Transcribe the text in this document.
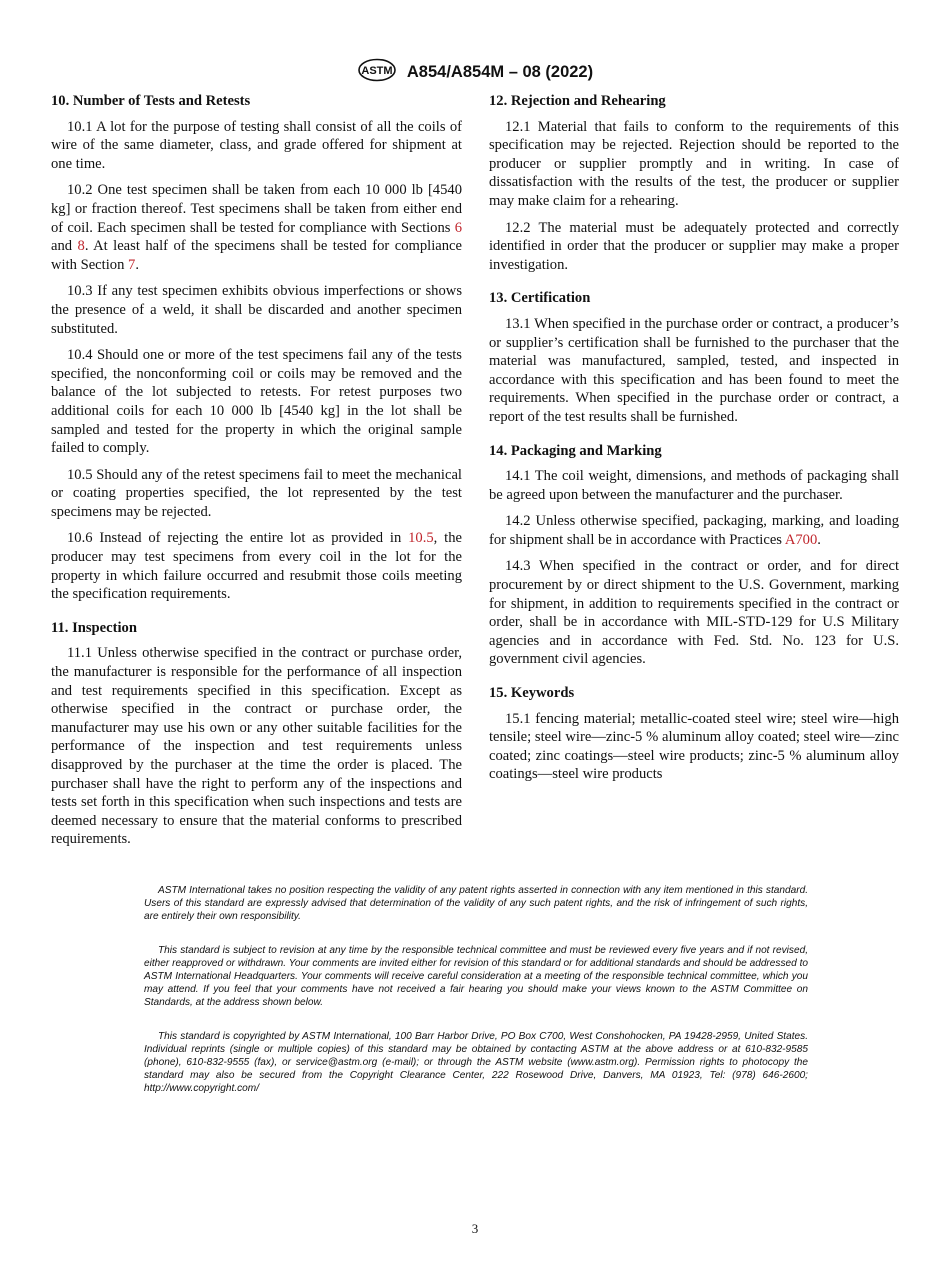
ASTM A854/A854M – 08 (2022)
10. Number of Tests and Retests

10.1 A lot for the purpose of testing shall consist of all the coils of wire of the same diameter, class, and grade offered for shipment at one time.

10.2 One test specimen shall be taken from each 10 000 lb [4540 kg] or fraction thereof. Test specimens shall be taken from either end of coil. Each specimen shall be tested for compliance with Sections 6 and 8. At least half of the specimens shall be tested for compliance with Section 7.

10.3 If any test specimen exhibits obvious imperfections or shows the presence of a weld, it shall be discarded and another specimen substituted.

10.4 Should one or more of the test specimens fail any of the tests specified, the nonconforming coil or coils may be removed and the balance of the lot subjected to retests. For retest purposes two additional coils for each 10 000 lb [4540 kg] in the lot shall be sampled and tested for the property in which the original sample failed to comply.

10.5 Should any of the retest specimens fail to meet the mechanical or coating properties specified, the lot represented by the test specimens may be rejected.

10.6 Instead of rejecting the entire lot as provided in 10.5, the producer may test specimens from every coil in the lot for the property in which failure occurred and resubmit those coils meeting the specification requirements.

11. Inspection

11.1 Unless otherwise specified in the contract or purchase order, the manufacturer is responsible for the performance of all inspection and test requirements specified in this specification. Except as otherwise specified in the contract or purchase order, the manufacturer may use his own or any other suitable facilities for the performance of the inspection and test requirements unless disapproved by the purchaser at the time the order is placed. The purchaser shall have the right to perform any of the inspections and tests set forth in this specification when such inspections and tests are deemed necessary to ensure that the material conforms to prescribed requirements.

12. Rejection and Rehearing

12.1 Material that fails to conform to the requirements of this specification may be rejected. Rejection should be reported to the producer or supplier promptly and in writing. In case of dissatisfaction with the results of the test, the producer or supplier may make claim for a rehearing.

12.2 The material must be adequately protected and correctly identified in order that the producer or supplier may make a proper investigation.

13. Certification

13.1 When specified in the purchase order or contract, a producer’s or supplier’s certification shall be furnished to the purchaser that the material was manufactured, sampled, tested, and inspected in accordance with this specification and has been found to meet the requirements. When specified in the purchase order or contract, a report of the test results shall be furnished.

14. Packaging and Marking

14.1 The coil weight, dimensions, and methods of packaging shall be agreed upon between the manufacturer and the purchaser.

14.2 Unless otherwise specified, packaging, marking, and loading for shipment shall be in accordance with Practices A700.

14.3 When specified in the contract or order, and for direct procurement by or direct shipment to the U.S. Government, marking for shipment, in addition to requirements specified in the contract or order, shall be in accordance with MIL-STD-129 for U.S Military agencies and in accordance with Fed. Std. No. 123 for U.S. government civil agencies.

15. Keywords

15.1 fencing material; metallic-coated steel wire; steel wire—high tensile; steel wire—zinc-5 % aluminum alloy coated; steel wire—zinc coated; zinc coatings—steel wire products; zinc-5 % aluminum alloy coatings—steel wire products

ASTM International takes no position respecting the validity of any patent rights asserted in connection with any item mentioned in this standard. Users of this standard are expressly advised that determination of the validity of any such patent rights, and the risk of infringement of such rights, are entirely their own responsibility.

This standard is subject to revision at any time by the responsible technical committee and must be reviewed every five years and if not revised, either reapproved or withdrawn. Your comments are invited either for revision of this standard or for additional standards and should be addressed to ASTM International Headquarters. Your comments will receive careful consideration at a meeting of the responsible technical committee, which you may attend. If you feel that your comments have not received a fair hearing you should make your views known to the ASTM Committee on Standards, at the address shown below.

This standard is copyrighted by ASTM International, 100 Barr Harbor Drive, PO Box C700, West Conshohocken, PA 19428-2959, United States. Individual reprints (single or multiple copies) of this standard may be obtained by contacting ASTM at the above address or at 610-832-9585 (phone), 610-832-9555 (fax), or service@astm.org (e-mail); or through the ASTM website (www.astm.org). Permission rights to photocopy the standard may also be secured from the Copyright Clearance Center, 222 Rosewood Drive, Danvers, MA 01923, Tel: (978) 646-2600; http://www.copyright.com/

3
